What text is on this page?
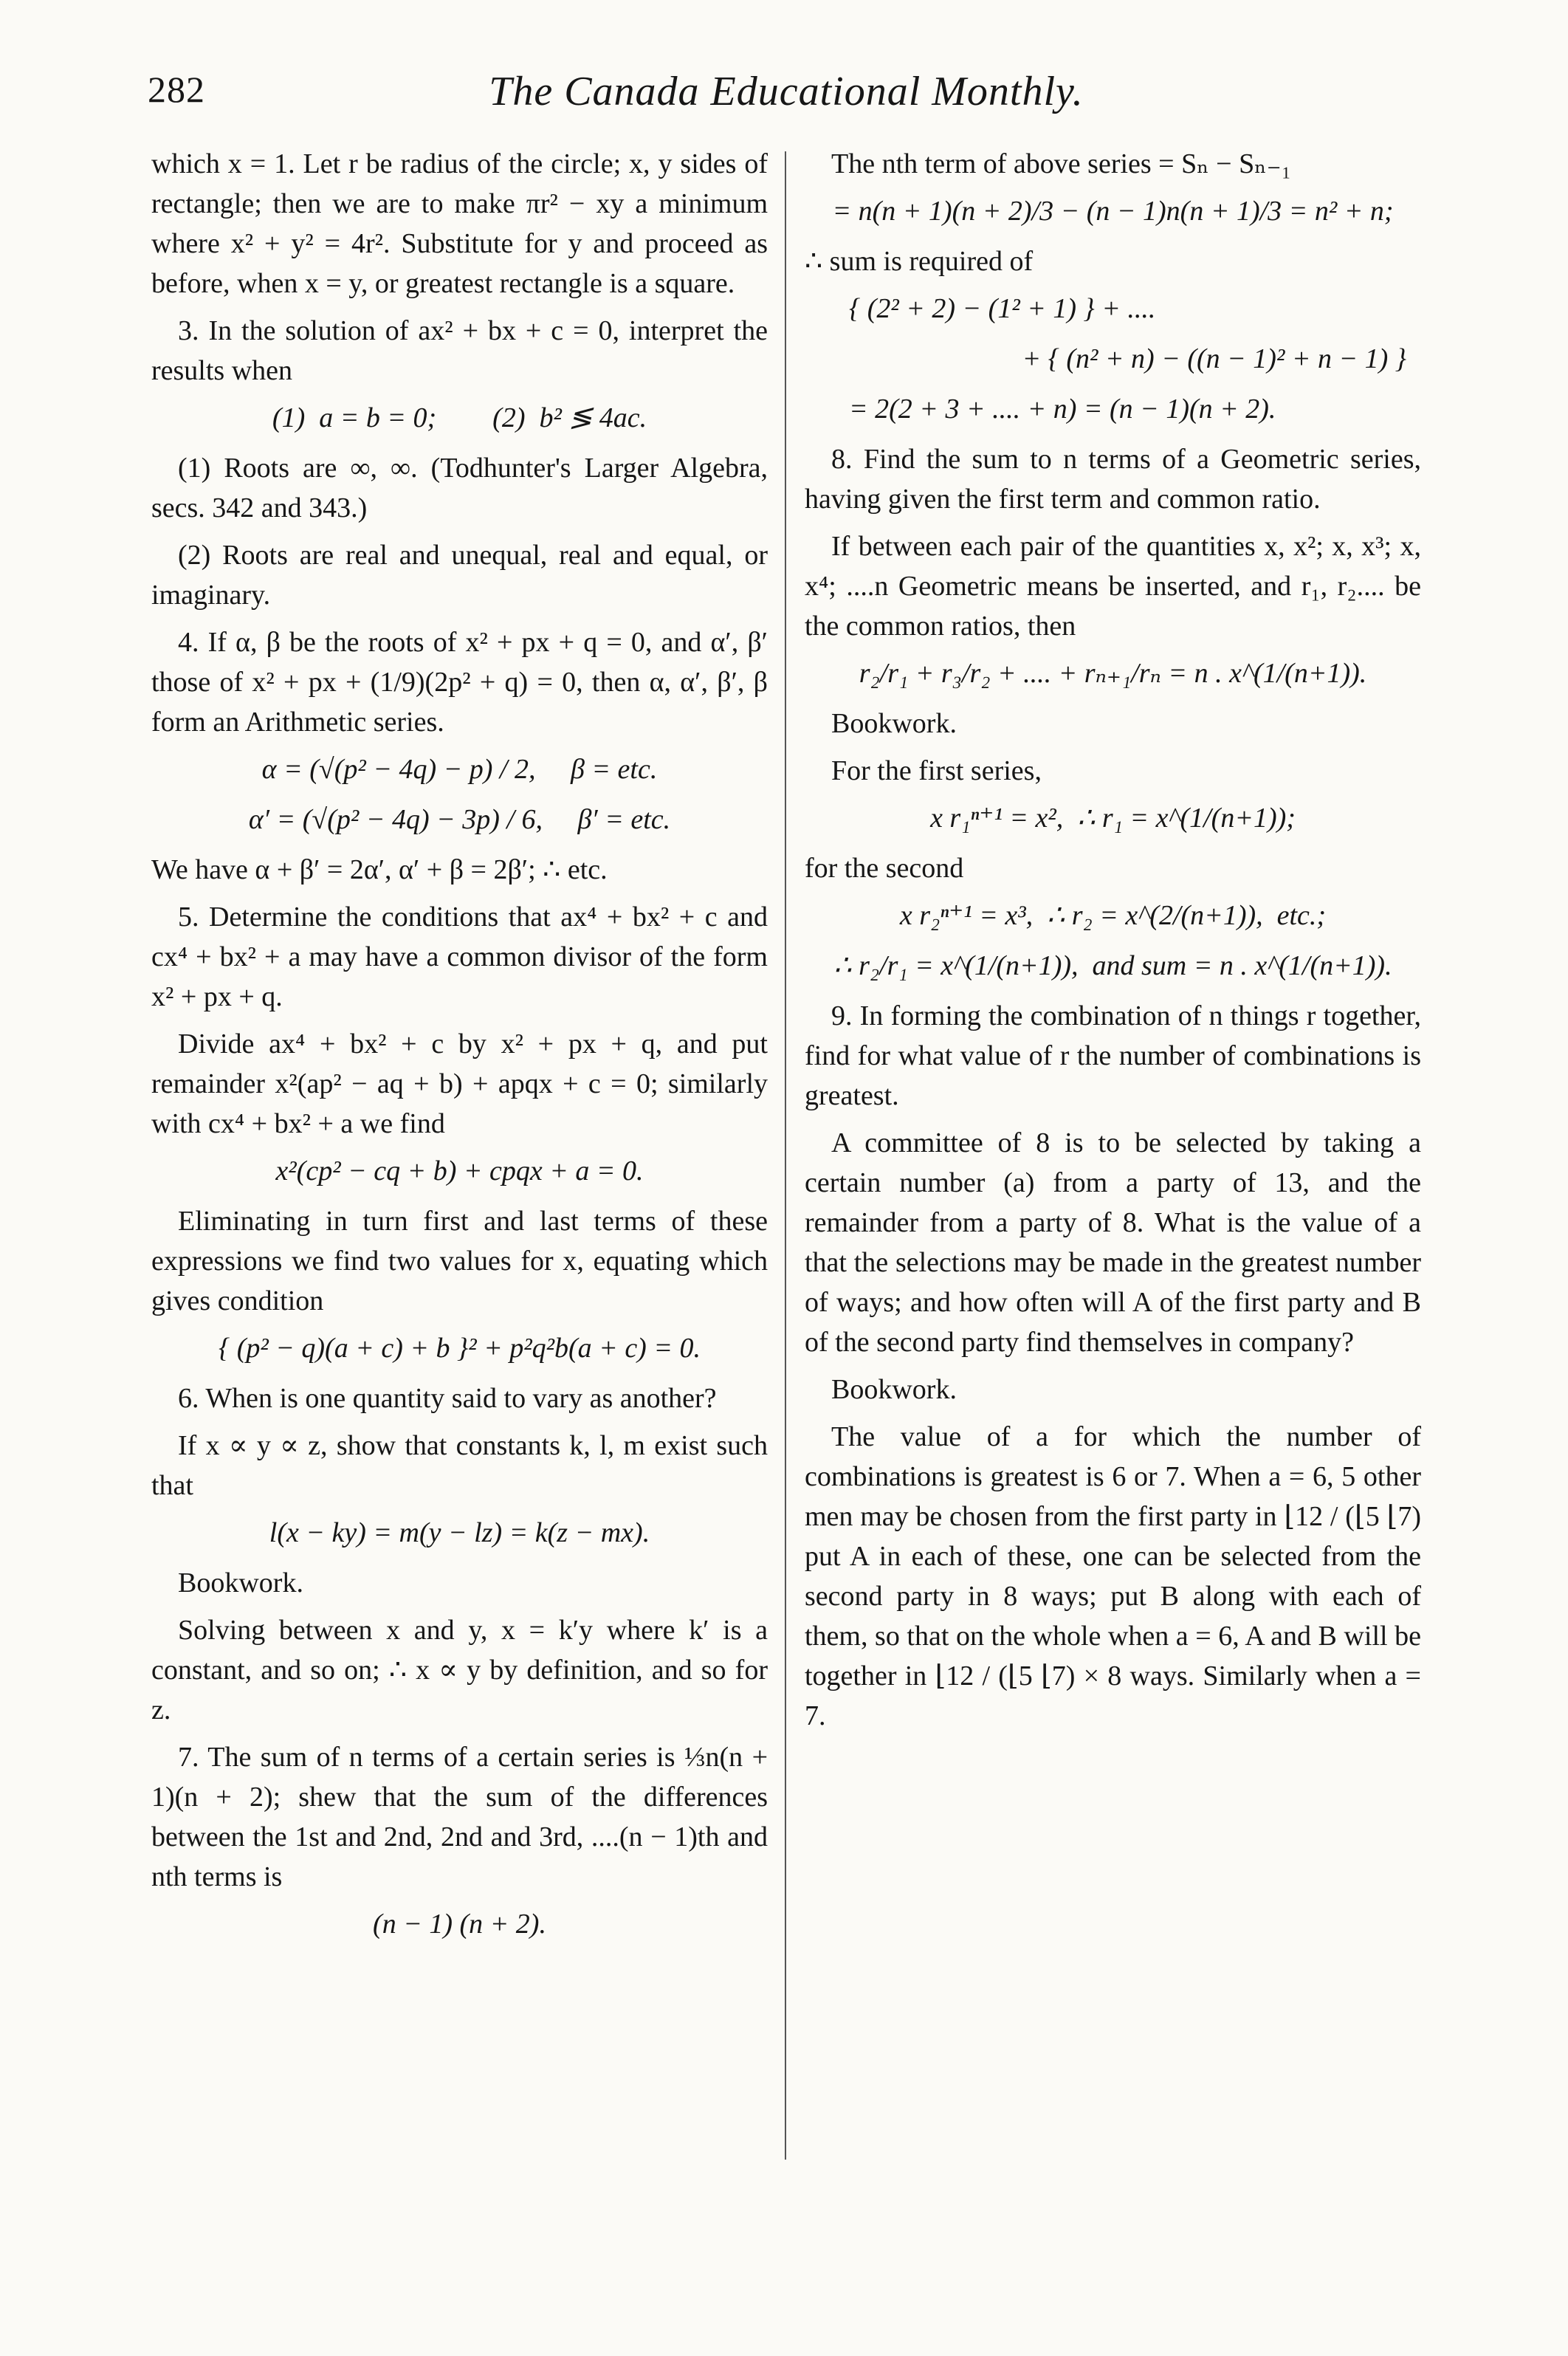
282	The Canada Educational Monthly.
which x = 1. Let r be radius of the circle; x, y sides of rectangle; then we are to make πr² − xy a minimum where x² + y² = 4r². Substitute for y and proceed as before, when x = y, or greatest rectangle is a square.
3. In the solution of ax² + bx + c = 0, interpret the results when
(1)  a = b = 0;        (2)  b² ≶ 4ac.
(1) Roots are ∞, ∞. (Todhunter's Larger Algebra, secs. 342 and 343.)
(2) Roots are real and unequal, real and equal, or imaginary.
4. If α, β be the roots of x² + px + q = 0, and α′, β′ those of x² + px + (1/9)(2p² + q) = 0, then α, α′, β′, β form an Arithmetic series.
α = (√(p² − 4q) − p) / 2,     β = etc.
α′ = (√(p² − 4q) − 3p) / 6,     β′ = etc.
We have α + β′ = 2α′, α′ + β = 2β′; ∴ etc.
5. Determine the conditions that ax⁴ + bx² + c and cx⁴ + bx² + a may have a common divisor of the form x² + px + q.
Divide ax⁴ + bx² + c by x² + px + q, and put remainder x²(ap² − aq + b) + apqx + c = 0; similarly with cx⁴ + bx² + a we find
x²(cp² − cq + b) + cpqx + a = 0.
Eliminating in turn first and last terms of these expressions we find two values for x, equating which gives condition
{ (p² − q)(a + c) + b }² + p²q²b(a + c) = 0.
6. When is one quantity said to vary as another?
If x ∝ y ∝ z, show that constants k, l, m exist such that
l(x − ky) = m(y − lz) = k(z − mx).
Bookwork.
Solving between x and y, x = k′y where k′ is a constant, and so on; ∴ x ∝ y by definition, and so for z.
7. The sum of n terms of a certain series is ⅓n(n + 1)(n + 2); shew that the sum of the differences between the 1st and 2nd, 2nd and 3rd, ....(n − 1)th and nth terms is
(n − 1) (n + 2).
The nth term of above series = Sₙ − Sₙ₋₁
= n(n + 1)(n + 2)/3 − (n − 1)n(n + 1)/3 = n² + n;
∴ sum is required of
{ (2² + 2) − (1² + 1) } + ....
+ { (n² + n) − ((n − 1)² + n − 1) }
= 2(2 + 3 + .... + n) = (n − 1)(n + 2).
8. Find the sum to n terms of a Geometric series, having given the first term and common ratio.
If between each pair of the quantities x, x²; x, x³; x, x⁴; ....n Geometric means be inserted, and r₁, r₂.... be the common ratios, then
r₂/r₁ + r₃/r₂ + .... + rₙ₊₁/rₙ = n . x^(1/(n+1)).
Bookwork.
For the first series,
x r₁ⁿ⁺¹ = x²,  ∴ r₁ = x^(1/(n+1));
for the second
x r₂ⁿ⁺¹ = x³,  ∴ r₂ = x^(2/(n+1)),  etc.;
∴ r₂/r₁ = x^(1/(n+1)),  and sum = n . x^(1/(n+1)).
9. In forming the combination of n things r together, find for what value of r the number of combinations is greatest.
A committee of 8 is to be selected by taking a certain number (a) from a party of 13, and the remainder from a party of 8. What is the value of a that the selections may be made in the greatest number of ways; and how often will A of the first party and B of the second party find themselves in company?
Bookwork.
The value of a for which the number of combinations is greatest is 6 or 7. When a = 6, 5 other men may be chosen from the first party in ⌊12 / (⌊5 ⌊7) put A in each of these, one can be selected from the second party in 8 ways; put B along with each of them, so that on the whole when a = 6, A and B will be together in ⌊12 / (⌊5 ⌊7) × 8 ways. Similarly when a = 7.
